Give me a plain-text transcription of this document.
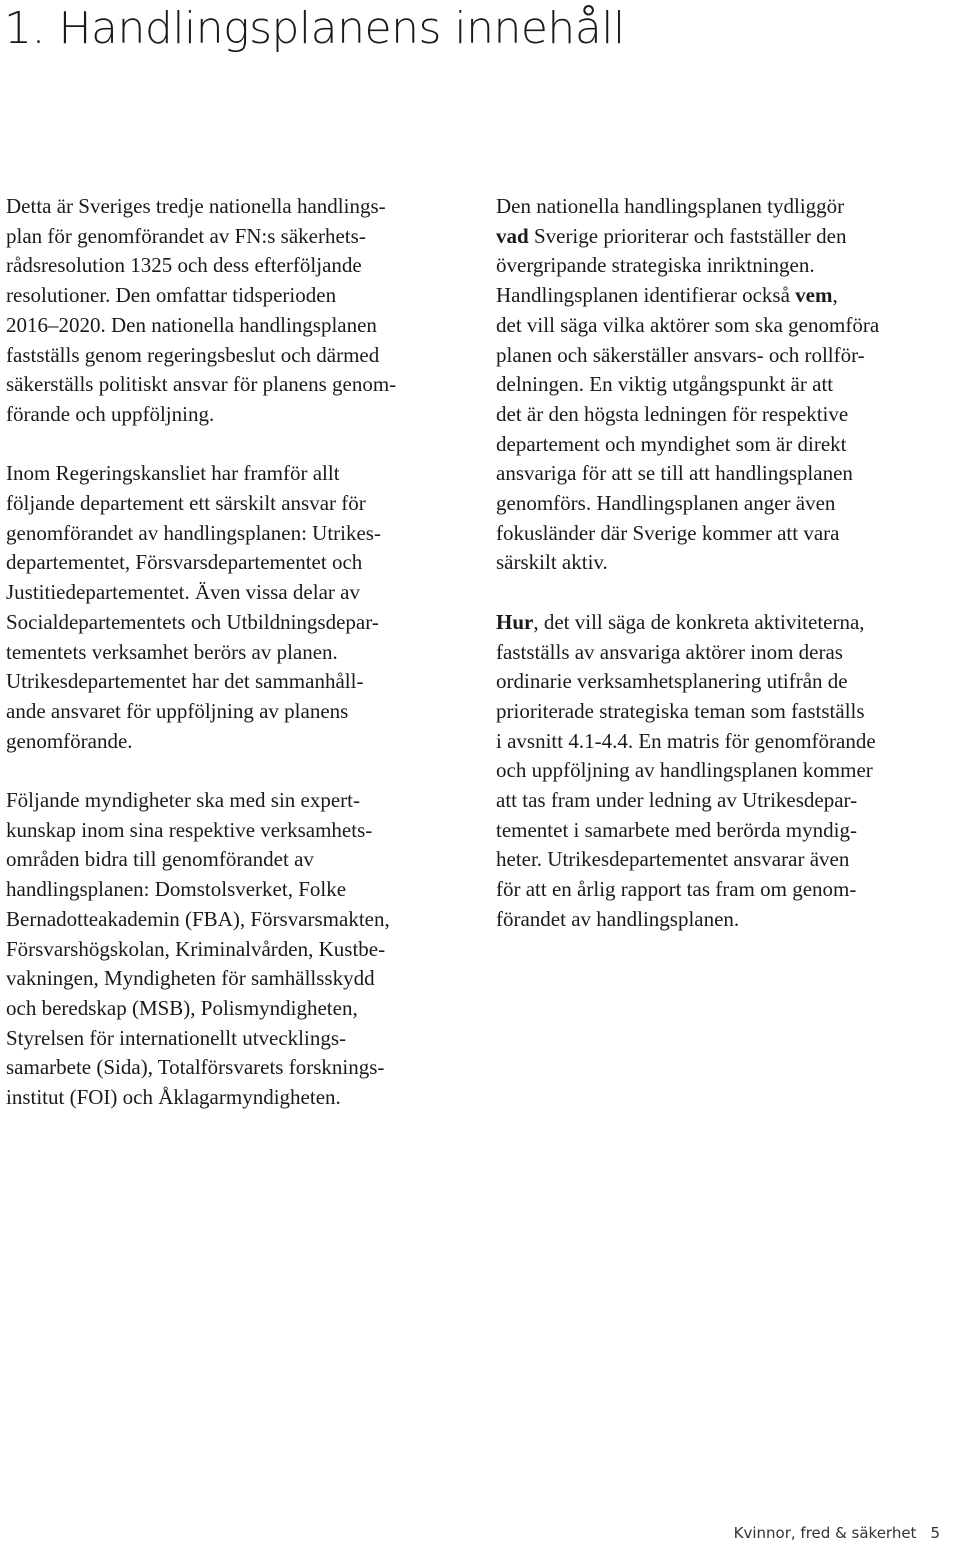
1. Handlingsplanens innehåll

Detta är Sveriges tredje nationella handlings-
plan för genomförandet av FN:s säkerhets-
rådsresolution 1325 och dess efterföljande
resolutioner. Den omfattar tidsperioden
2016–2020. Den nationella handlingsplanen
fastställs genom regeringsbeslut och därmed
säkerställs politiskt ansvar för planens genom-
förande och uppföljning.

Inom Regeringskansliet har framför allt
följande departement ett särskilt ansvar för
genomförandet av handlingsplanen: Utrikes-
departementet, Försvarsdepartementet och
Justitiedepartementet. Även vissa delar av
Socialdepartementets och Utbildningsdepar-
tementets verksamhet berörs av planen.
Utrikesdepartementet har det sammanhåll-
ande ansvaret för uppföljning av planens
genomförande.

Följande myndigheter ska med sin expert-
kunskap inom sina respektive verksamhets-
områden bidra till genomförandet av
handlingsplanen: Domstolsverket, Folke
Bernadotteakademin (FBA), Försvarsmakten,
Försvarshögskolan, Kriminalvården, Kustbe-
vakningen, Myndigheten för samhällsskydd
och beredskap (MSB), Polismyndigheten,
Styrelsen för internationellt utvecklings-
samarbete (Sida), Totalförsvarets forsknings-
institut (FOI) och Åklagarmyndigheten.

Den nationella handlingsplanen tydliggör
vad Sverige prioriterar och fastställer den
övergripande strategiska inriktningen.
Handlingsplanen identifierar också vem,
det vill säga vilka aktörer som ska genomföra
planen och säkerställer ansvars- och rollför-
delningen. En viktig utgångspunkt är att
det är den högsta ledningen för respektive
departement och myndighet som är direkt
ansvariga för att se till att handlingsplanen
genomförs. Handlingsplanen anger även
fokusländer där Sverige kommer att vara
särskilt aktiv.

Hur, det vill säga de konkreta aktiviteterna,
fastställs av ansvariga aktörer inom deras
ordinarie verksamhetsplanering utifrån de
prioriterade strategiska teman som fastställs
i avsnitt 4.1-4.4. En matris för genomförande
och uppföljning av handlingsplanen kommer
att tas fram under ledning av Utrikesdepar-
tementet i samarbete med berörda myndig-
heter. Utrikesdepartementet ansvarar även
för att en årlig rapport tas fram om genom-
förandet av handlingsplanen.

Kvinnor, fred & säkerhet 5
